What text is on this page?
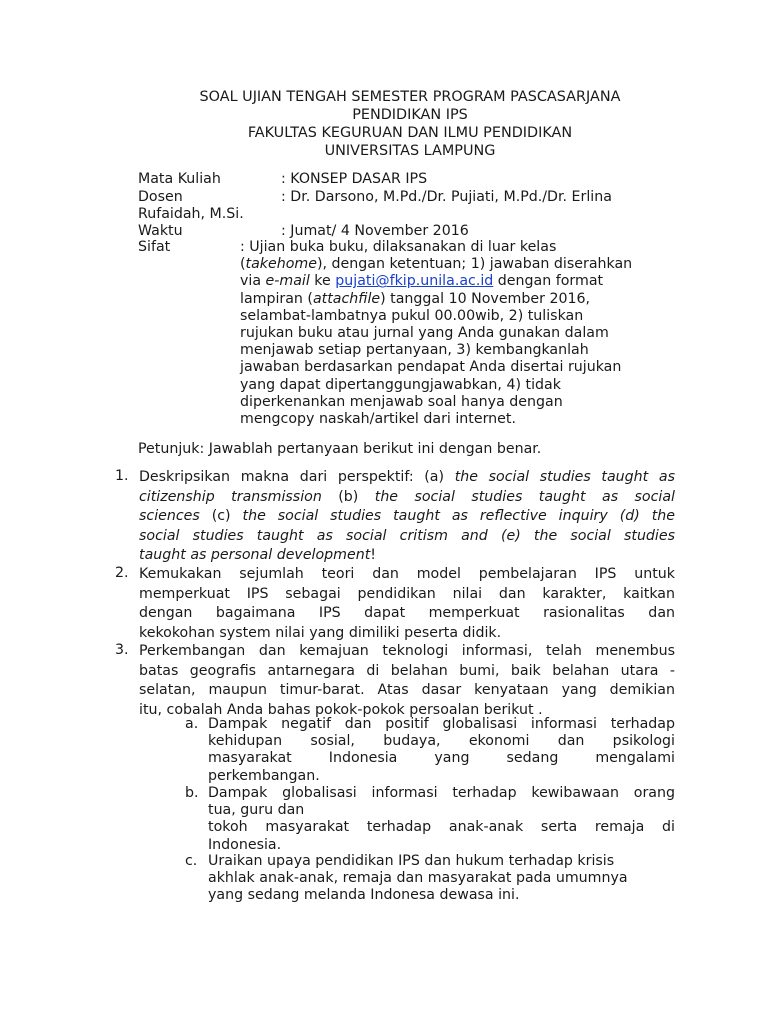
SOAL UJIAN TENGAH SEMESTER PROGRAM PASCASARJANA
PENDIDIKAN IPS
FAKULTAS KEGURUAN DAN ILMU PENDIDIKAN
UNIVERSITAS LAMPUNG
Mata Kuliah	: KONSEP DASAR IPS
Dosen	: Dr. Darsono, M.Pd./Dr. Pujiati, M.Pd./Dr. Erlina
Rufaidah, M.Si.
Waktu	: Jumat/ 4 November 2016
Sifat	: Ujian buka buku, dilaksanakan di luar kelas
(takehome), dengan ketentuan; 1) jawaban diserahkan
via e-mail ke pujati@fkip.unila.ac.id dengan format
lampiran (attachfile) tanggal 10 November 2016,
selambat-lambatnya pukul 00.00wib, 2) tuliskan
rujukan buku atau jurnal yang Anda gunakan dalam
menjawab setiap pertanyaan, 3) kembangkanlah
jawaban berdasarkan pendapat Anda disertai rujukan
yang dapat dipertanggungjawabkan, 4) tidak
diperkenankan menjawab soal hanya dengan
mengcopy naskah/artikel dari internet.
Petunjuk: Jawablah pertanyaan berikut ini dengan benar.
1. Deskripsikan makna dari perspektif: (a) the social studies taught as
citizenship transmission (b) the social studies taught as social
sciences (c) the social studies taught as reflective inquiry (d) the
social studies taught as social critism and (e) the social studies
taught as personal development!
2. Kemukakan sejumlah teori dan model pembelajaran IPS untuk
memperkuat IPS sebagai pendidikan nilai dan karakter, kaitkan
dengan bagaimana IPS dapat memperkuat rasionalitas dan
kekokohan system nilai yang dimiliki peserta didik.
3. Perkembangan dan kemajuan teknologi informasi, telah menembus
batas geografis antarnegara di belahan bumi, baik belahan utara -
selatan, maupun timur-barat. Atas dasar kenyataan yang demikian
itu, cobalah Anda bahas pokok-pokok persoalan berikut .
a. Dampak negatif dan positif globalisasi informasi terhadap
kehidupan sosial, budaya, ekonomi dan psikologi
masyarakat Indonesia yang sedang mengalami
perkembangan.
b. Dampak globalisasi informasi terhadap kewibawaan orang
tua, guru dan
tokoh masyarakat terhadap anak-anak serta remaja di
Indonesia.
c. Uraikan upaya pendidikan IPS dan hukum terhadap krisis
akhlak anak-anak, remaja dan masyarakat pada umumnya
yang sedang melanda Indonesa dewasa ini.
